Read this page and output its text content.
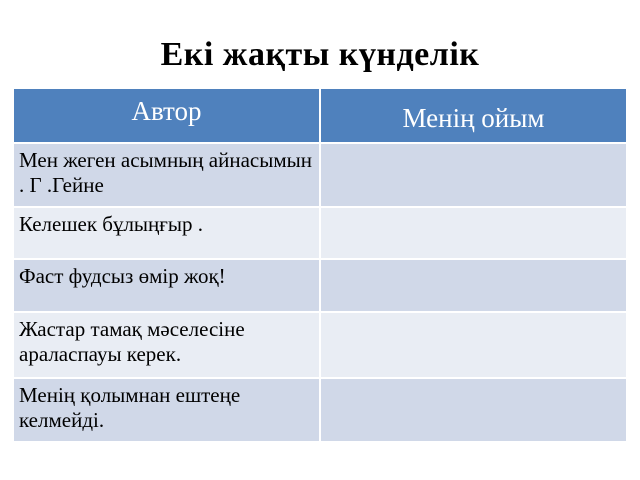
Екі жақты күнделік
Автор	Менің ойым
Мен жеген асымның айнасымын . Г .Гейне	
Келешек бұлыңғыр .	
Фаст фудсыз өмір жоқ!	
Жастар тамақ мәселесіне араласпауы керек.	
Менің қолымнан ештеңе келмейді.	
